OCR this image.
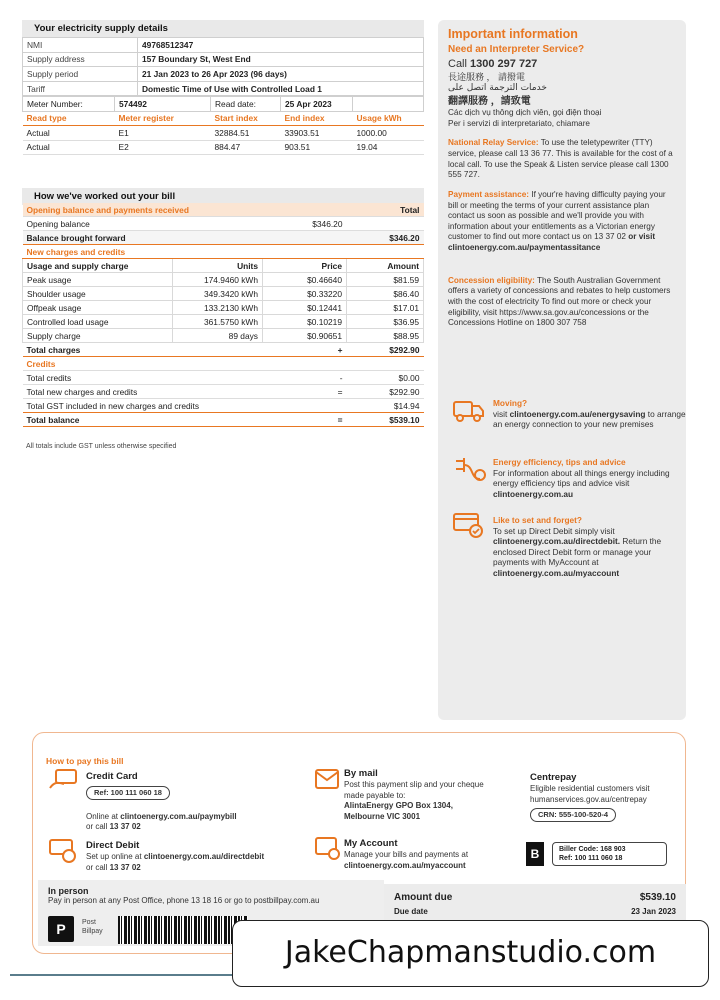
Your electricity supply details
NMI	49768512347
Supply address	157 Boundary St, West End
Supply period	21 Jan 2023 to 26 Apr 2023 (96 days)
Tariff	Domestic Time of Use with Controlled Load 1
Meter Number:	574492	Read date:	25 Apr 2023	
Read type	Meter register	Start index	End index	Usage kWh
Actual	E1	32884.51	33903.51	1000.00
Actual	E2	884.47	903.51	19.04
How we've worked out your bill
Opening balance and payments received			Total
Opening balance		$346.20	
Balance brought forward			$346.20
New charges and credits			
Usage and supply charge	Units	Price	Amount
Peak usage	174.9460 kWh	$0.46640	$81.59
Shoulder usage	349.3420 kWh	$0.33220	$86.40
Offpeak usage	133.2130 kWh	$0.12441	$17.01
Controlled load usage	361.5750 kWh	$0.10219	$36.95
Supply charge	89 days	$0.90651	$88.95
Total charges		+	$292.90
Credits			
Total credits		-	$0.00
Total new charges and credits		=	$292.90
Total GST included in new charges and credits			$14.94
Total balance		=	$539.10
All totals include GST unless otherwise specified
Important information
Need an Interpreter Service?
Call 1300 297 727
長途服務 ， 請撥電
خدمات الترجمة اتصل على
翻譯服務 ，請致電
Các dịch vụ thông dịch viên, gọi điện thoại
Per i servizi di interpretariato, chiamare
National Relay Service: To use the teletypewriter (TTY) service, please call 13 36 77. This is available for the cost of a local call. To use the Speak & Listen service please call 1300 555 727.
Payment assistance: If your're having difficulty paying your bill or meeting the terms of your current assistance plan contact us soon as possible and we'll provide you with information about your entitlements as a Victorian energy customer to find out more contact us on 13 37 02 or visit clintoenergy.com.au/paymentassitance
Concession eligibility: The South Australian Government offers a variety of concessions and rebates to help customers with the cost of electricity To find out more or check your eligibility, visit https://www.sa.gov.au/concessions or the Concessions Hotline on 1800 307 758
Moving?
visit clintoenergy.com.au/energysaving to arrange an energy connection to your new premises
Energy efficiency, tips and advice
For information about all things energy including energy efficiency tips and advice visit clintoenergy.com.au
Like to set and forget?
To set up Direct Debit simply visit clintoenergy.com.au/directdebit. Return the enclosed Direct Debit form or manage your payments with MyAccount at clintoenergy.com.au/myaccount
How to pay this bill
Credit Card
Ref: 100 111 060 18
Online at clintoenergy.com.au/paymybill
or call 13 37 02
Direct Debit
Set up online at clintoenergy.com.au/directdebit
or call 13 37 02
By mail
Post this payment slip and your cheque made payable to:
AlintaEnergy GPO Box 1304,
Melbourne VIC 3001
My Account
Manage your bills and payments at
clintoenergy.com.au/myaccount
Centrepay
Eligible residential customers visit humanservices.gov.au/centrepay
CRN: 555-100-520-4
B	Biller Code: 168 903
Ref: 100 111 060 18
In person
Pay in person at any Post Office, phone 13 18 16 or go to postbillpay.com.au
P	Post Billpay
Amount due	$539.10
Due date	23 Jan 2023
JakeChapmanstudio.com
